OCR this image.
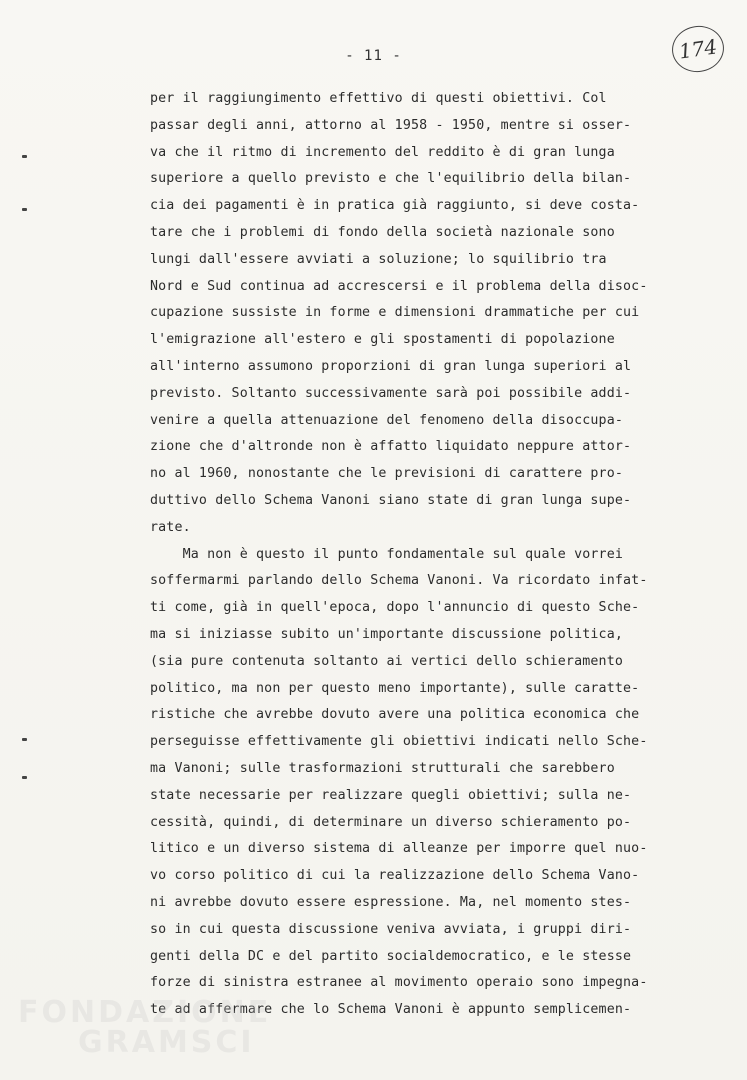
- 11 -	174
per il raggiungimento effettivo di questi obiettivi. Col
passar degli anni, attorno al 1958 - 1950, mentre si osser-
va che il ritmo di incremento del reddito è di gran lunga
superiore a quello previsto e che l'equilibrio della bilan-
cia dei pagamenti è in pratica già raggiunto, si deve costa-
tare che i problemi di fondo della società nazionale sono
lungi dall'essere avviati a soluzione; lo squilibrio tra
Nord e Sud continua ad accrescersi e il problema della disoc-
cupazione sussiste in forme e dimensioni drammatiche per cui
l'emigrazione all'estero e gli spostamenti di popolazione
all'interno assumono proporzioni di gran lunga superiori al
previsto. Soltanto successivamente sarà poi possibile addi-
venire a quella attenuazione del fenomeno della disoccupa-
zione che d'altronde non è affatto liquidato neppure attor-
no al 1960, nonostante che le previsioni di carattere pro-
duttivo dello Schema Vanoni siano state di gran lunga supe-
rate.
Ma non è questo il punto fondamentale sul quale vorrei
soffermarmi parlando dello Schema Vanoni. Va ricordato infat-
ti come, già in quell'epoca, dopo l'annuncio di questo Sche-
ma si iniziasse subito un'importante discussione politica,
(sia pure contenuta soltanto ai vertici dello schieramento
politico, ma non per questo meno importante), sulle caratte-
ristiche che avrebbe dovuto avere una politica economica che
perseguisse effettivamente gli obiettivi indicati nello Sche-
ma Vanoni; sulle trasformazioni strutturali che sarebbero
state necessarie per realizzare quegli obiettivi; sulla ne-
cessità, quindi, di determinare un diverso schieramento po-
litico e un diverso sistema di alleanze per imporre quel nuo-
vo corso politico di cui la realizzazione dello Schema Vano-
ni avrebbe dovuto essere espressione. Ma, nel momento stes-
so in cui questa discussione veniva avviata, i gruppi diri-
genti della DC e del partito socialdemocratico, e le stesse
forze di sinistra estranee al movimento operaio sono impegna-
te ad affermare che lo Schema Vanoni è appunto semplicemen-
FONDAZIONE
GRAMSCI
